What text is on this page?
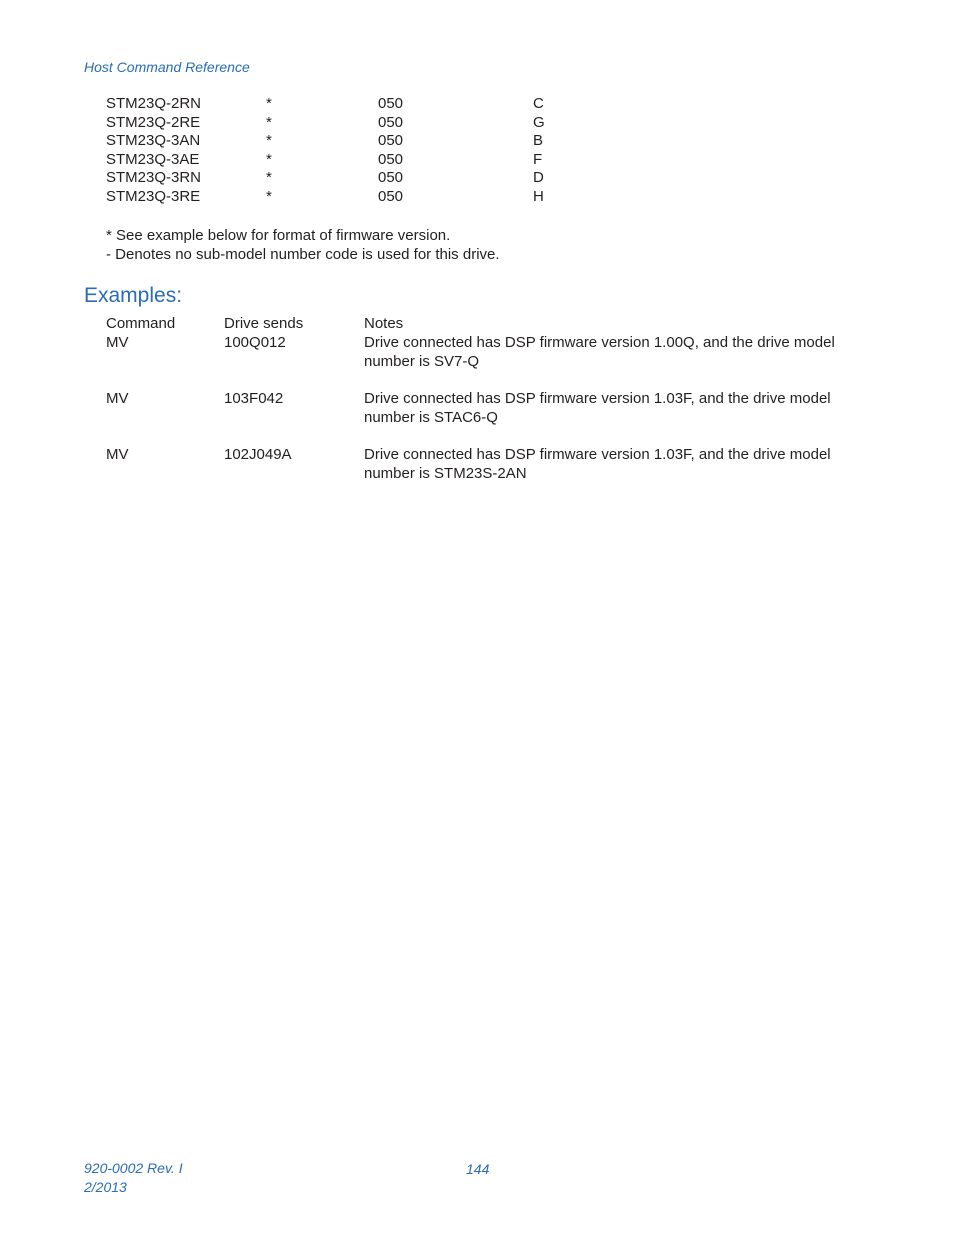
Host Command Reference
STM23Q-2RN	*	050	C
STM23Q-2RE	*	050	G
STM23Q-3AN	*	050	B
STM23Q-3AE	*	050	F
STM23Q-3RN	*	050	D
STM23Q-3RE	*	050	H
* See example below for format of firmware version.
- Denotes no sub-model number code is used for this drive.
Examples:
Command	Drive sends	Notes
MV	100Q012	Drive connected has DSP firmware version 1.00Q, and the drive model number is SV7-Q
MV	103F042	Drive connected has DSP firmware version 1.03F, and the drive model number is STAC6-Q
MV	102J049A	Drive connected has DSP firmware version 1.03F, and the drive model number is STM23S-2AN
920-0002 Rev. I
2/2013
144
